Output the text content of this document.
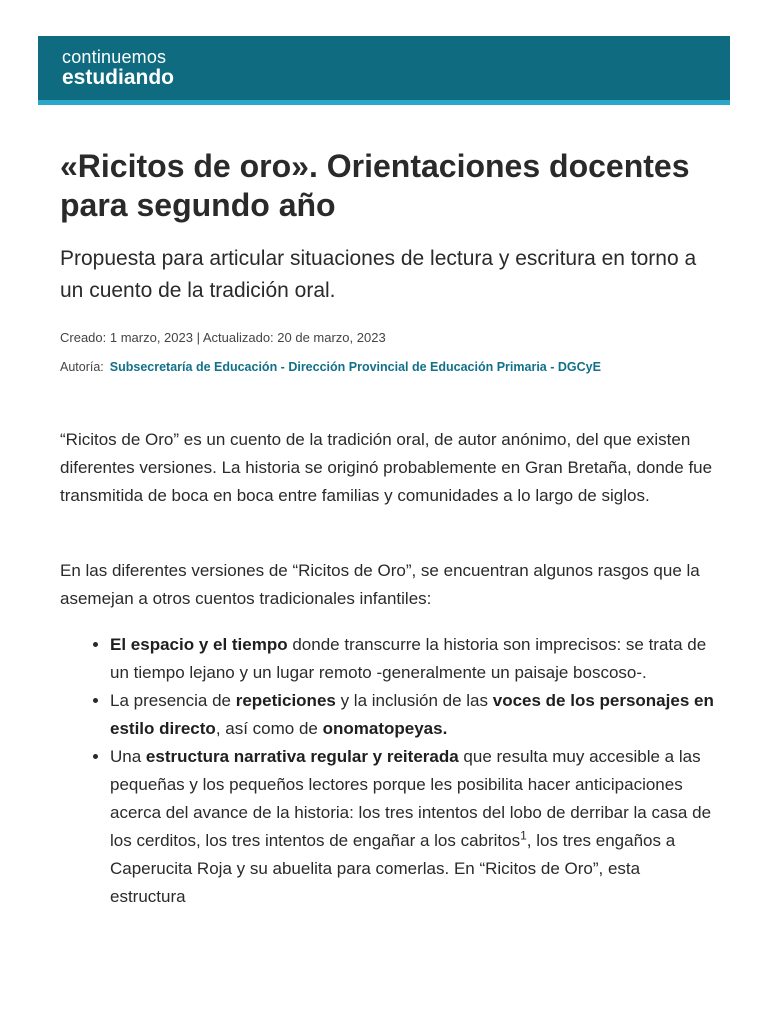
continuemos
estudiando
«Ricitos de oro». Orientaciones docentes para segundo año
Propuesta para articular situaciones de lectura y escritura en torno a un cuento de la tradición oral.
Creado: 1 marzo, 2023 | Actualizado: 20 de marzo, 2023
Autoría: Subsecretaría de Educación - Dirección Provincial de Educación Primaria - DGCyE

“Ricitos de Oro” es un cuento de la tradición oral, de autor anónimo, del que existen diferentes versiones. La historia se originó probablemente en Gran Bretaña, donde fue transmitida de boca en boca entre familias y comunidades a lo largo de siglos.

En las diferentes versiones de “Ricitos de Oro”, se encuentran algunos rasgos que la asemejan a otros cuentos tradicionales infantiles:

• El espacio y el tiempo donde transcurre la historia son imprecisos: se trata de un tiempo lejano y un lugar remoto -generalmente un paisaje boscoso-.
• La presencia de repeticiones y la inclusión de las voces de los personajes en estilo directo, así como de onomatopeyas.
• Una estructura narrativa regular y reiterada que resulta muy accesible a las pequeñas y los pequeños lectores porque les posibilita hacer anticipaciones acerca del avance de la historia: los tres intentos del lobo de derribar la casa de los cerditos, los tres intentos de engañar a los cabritos$^1$, los tres engaños a Caperucita Roja y su abuelita para comerlas. En “Ricitos de Oro”, esta estructura
